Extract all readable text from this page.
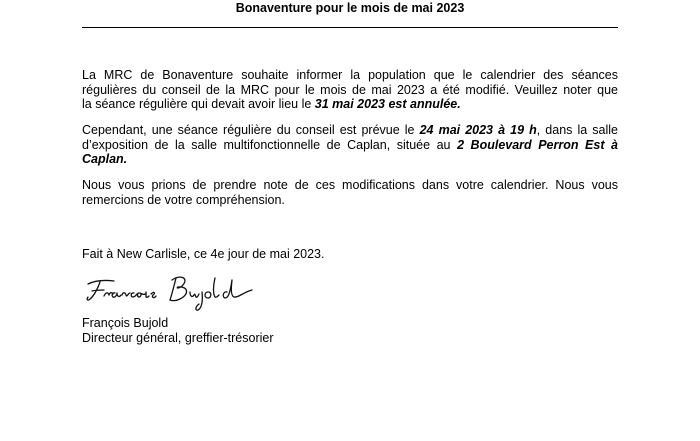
Bonaventure pour le mois de mai 2023
La MRC de Bonaventure souhaite informer la population que le calendrier des séances
régulières du conseil de la MRC pour le mois de mai 2023 a été modifié. Veuillez noter que
la séance régulière qui devait avoir lieu le 31 mai 2023 est annulée.
Cependant, une séance régulière du conseil est prévue le 24 mai 2023 à 19 h, dans la salle
d’exposition de la salle multifonctionnelle de Caplan, située au 2 Boulevard Perron Est à
Caplan.
Nous vous prions de prendre note de ces modifications dans votre calendrier. Nous vous
remercions de votre compréhension.
Fait à New Carlisle, ce 4e jour de mai 2023.
François Bujold
Directeur général, greffier-trésorier
